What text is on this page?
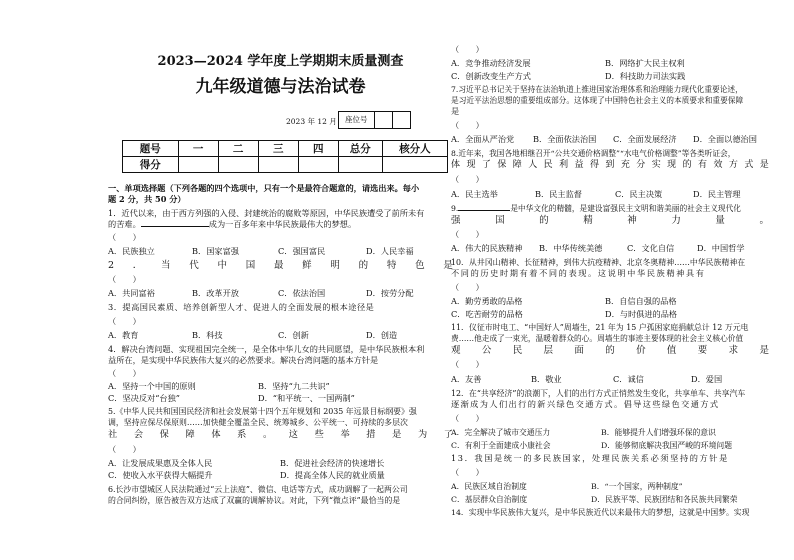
2023—2024 学年度上学期期末质量测查
九年级道德与法治试卷
2023 年 12 月	座位号
题号	一	二	三	四	总分	核分人
得分						
一、单项选择题（下列各题的四个选项中，只有一个是最符合题意的，请选出来。每小
题 2 分，共 50 分）
1．近代以来，由于西方列强的入侵、封建统治的腐败等原因，中华民族遭受了前所未有
的苦难。	成为一百多年来中华民族最伟大的梦想。
（　　）
A．民族独立	B．国家富强	C．强国富民	D．人民幸福
2 ． 当 代 中 国 最 鲜 明 的 特 色 是
（　　）
A．共同富裕	B．改革开放	C．依法治国	D．按劳分配
3．提高国民素质、培养创新型人才、促进人的全面发展的根本途径是
（　　）
A．教育	B．科技	C．创新	D．创造
4．解决台湾问题、实现祖国完全统一，是全体中华儿女的共同愿望，是中华民族根本利
益所在，是实现中华民族伟大复兴的必然要求。解决台湾问题的基本方针是
（　　）
A．坚持一个中国的原则	B．坚持“九二共识”
C．坚决反对“台独”	D．“和平统一、一国两制”
5.《中华人民共和国国民经济和社会发展第十四个五年规划和 2035 年远景目标纲要》强
调，坚持应保尽保原则……加快健全覆盖全民、统筹城乡、公平统一、可持续的多层次
社 会 保 障 体 系 。 这 些 举 措 是 为 了
（　　）
A．让发展成果惠及全体人民	B．促进社会经济的快速增长
C．使收入水平获得大幅提升	D．提高全体人民的就业质量
6.长沙市望城区人民法院通过“云上法庭”、微信、电话等方式，成功调解了一起两公司
的合同纠纷，原告被告双方达成了双赢的调解协议。对此，下列“微点评”最恰当的是
（　　）
A．竞争推动经济发展	B．网络扩大民主权利
C．创新改变生产方式	D．科技助力司法实践
7.习近平总书记关于坚持在法治轨道上推进国家治理体系和治理能力现代化重要论述，
是习近平法治思想的重要组成部分。这体现了中国特色社会主义的本质要求和重要保障
是
（　　）
A．全面从严治党	B．全面依法治国	C．全面发展经济	D．全面以德治国
8.近年来，我国各地相继召开“公共交通价格调整”“水电气价格调整”等各类听证会，
体 现 了 保 障 人 民 利 益 得 到 充 分 实 现 的 有 效 方 式 是
（　　）
A．民主选举	B．民主监督	C．民主决策	D．民主管理
9.	是中华文化的精髓，是建设富强民主文明和谐美丽的社会主义现代化
强	国	的	精	神	力	量	。
（　　）
A．伟大的民族精神	B．中华传统美德	C．文化自信	D．中国哲学
10．从井冈山精神、长征精神，到伟大抗疫精神、北京冬奥精神……中华民族精神在
不同的历史时期有着不同的表现。这说明中华民族精神具有
（　　）
A．勤劳勇敢的品格	B．自信自强的品格
C．吃苦耐劳的品格	D．与时俱进的品格
11．仪征市时电工、“中国好人”周墙生，21 年为 15 户孤困家庭捐献总计 12 万元电
费……他走成了一束光，温暖着群众的心。周墙生的事迹主要体现的社会主义核心价值
观 公 民 层 面 的 价 值 要 求 是
（　　）
A．友善	B．敬业	C．诚信	D．爱国
12．在“共享经济”的浪潮下，人们的出行方式正悄然发生变化，共享单车、共享汽车
逐渐成为人们出行的新兴绿色交通方式。倡导这些绿色交通方式
（　　）
A．完全解决了城市交通压力	B．能够提升人们增强环保的意识
C．有利于全面建成小康社会	D．能够彻底解决我国严峻的环境问题
13．我国是统一的多民族国家，处理民族关系必须坚持的方针是
（　　）
A．民族区域自治制度	B．“一个国家，两种制度”
C．基层群众自治制度	D．民族平等、民族团结和各民族共同繁荣
14．实现中华民族伟大复兴，是中华民族近代以来最伟大的梦想，这就是中国梦。实现
